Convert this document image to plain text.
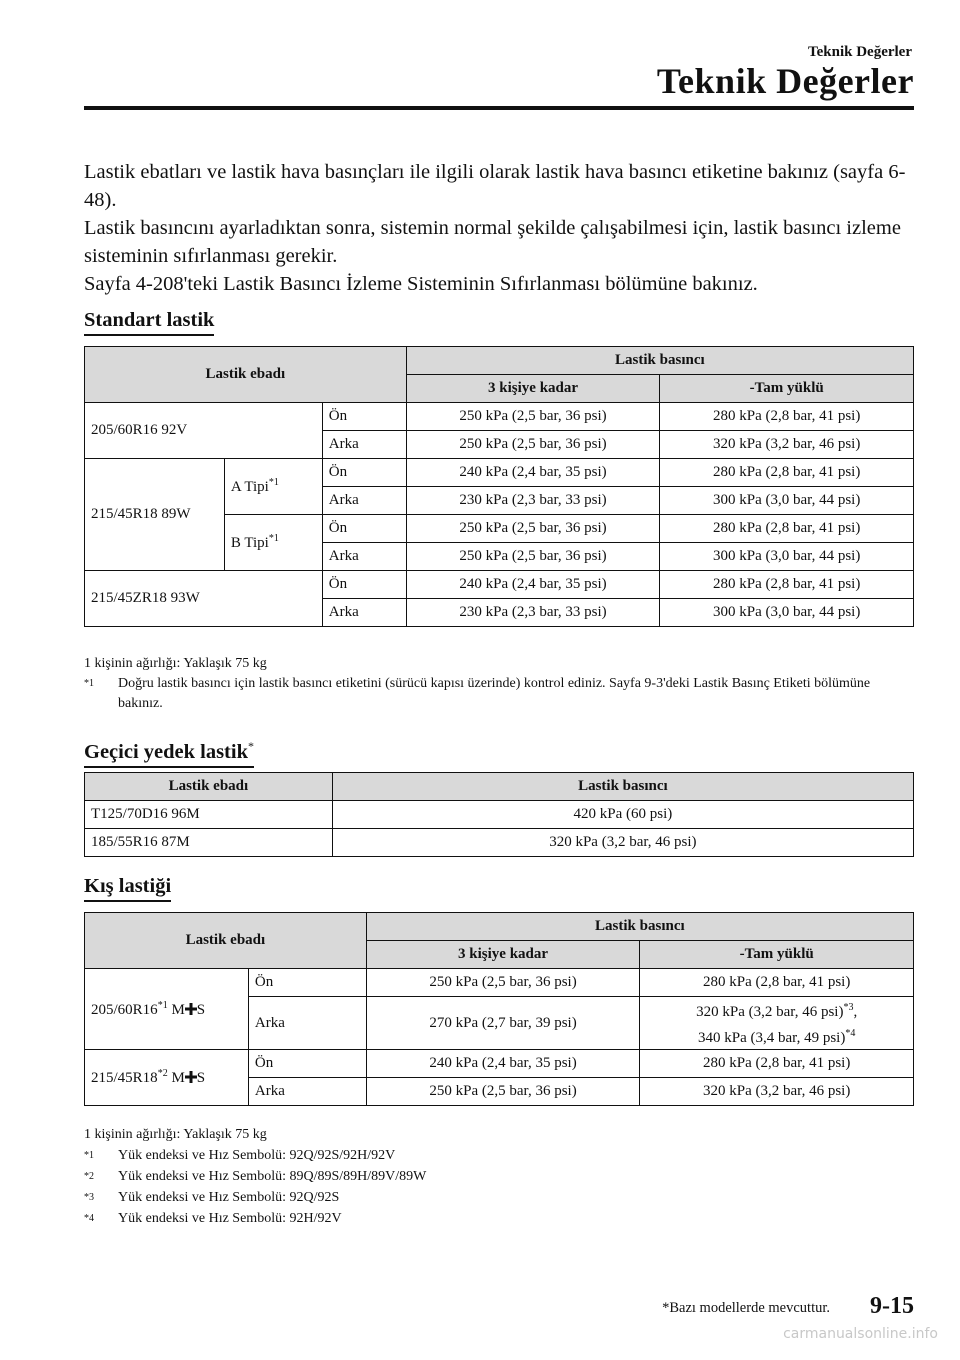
Teknik Değerler
Teknik Değerler

Lastik ebatları ve lastik hava basınçları ile ilgili olarak lastik hava basıncı etiketine bakınız (sayfa 6-48).

Lastik basıncını ayarladıktan sonra, sistemin normal şekilde çalışabilmesi için, lastik basıncı izleme sisteminin sıfırlanması gerekir.

Sayfa 4-208'teki Lastik Basıncı İzleme Sisteminin Sıfırlanması bölümüne bakınız.

Standart lastik
Lastik ebadı			Lastik basıncı	
			3 kişiye kadar	-Tam yüklü
205/60R16 92V		Ön	250 kPa (2,5 bar, 36 psi)	280 kPa (2,8 bar, 41 psi)
		Arka	250 kPa (2,5 bar, 36 psi)	320 kPa (3,2 bar, 46 psi)
215/45R18 89W	A Tipi$^{*1}$	Ön	240 kPa (2,4 bar, 35 psi)	280 kPa (2,8 bar, 41 psi)
		Arka	230 kPa (2,3 bar, 33 psi)	300 kPa (3,0 bar, 44 psi)
	B Tipi$^{*1}$	Ön	250 kPa (2,5 bar, 36 psi)	280 kPa (2,8 bar, 41 psi)
		Arka	250 kPa (2,5 bar, 36 psi)	300 kPa (3,0 bar, 44 psi)
215/45ZR18 93W		Ön	240 kPa (2,4 bar, 35 psi)	280 kPa (2,8 bar, 41 psi)
		Arka	230 kPa (2,3 bar, 33 psi)	300 kPa (3,0 bar, 44 psi)
1 kişinin ağırlığı: Yaklaşık 75 kg
*1 Doğru lastik basıncı için lastik basıncı etiketini (sürücü kapısı üzerinde) kontrol ediniz. Sayfa 9-3'deki Lastik Basınç Etiketi bölümüne bakınız.
Geçici yedek lastik*
Lastik ebadı	Lastik basıncı
T125/70D16 96M	420 kPa (60 psi)
185/55R16 87M	320 kPa (3,2 bar, 46 psi)
Kış lastiği
Lastik ebadı		Lastik basıncı	
		3 kişiye kadar	-Tam yüklü
205/60R16$^{*1}$ M S	Ön	250 kPa (2,5 bar, 36 psi)	280 kPa (2,8 bar, 41 psi)
	Arka	270 kPa (2,7 bar, 39 psi)	320 kPa (3,2 bar, 46 psi)$^{*3}$,
340 kPa (3,4 bar, 49 psi)$^{*4}$
215/45R18$^{*2}$ M S	Ön	240 kPa (2,4 bar, 35 psi)	280 kPa (2,8 bar, 41 psi)
	Arka	250 kPa (2,5 bar, 36 psi)	320 kPa (3,2 bar, 46 psi)
1 kişinin ağırlığı: Yaklaşık 75 kg
*1 Yük endeksi ve Hız Sembolü: 92Q/92S/92H/92V
*2 Yük endeksi ve Hız Sembolü: 89Q/89S/89H/89V/89W
*3 Yük endeksi ve Hız Sembolü: 92Q/92S
*4 Yük endeksi ve Hız Sembolü: 92H/92V
*Bazı modellerde mevcuttur. 9-15
carmanualsonline.info
